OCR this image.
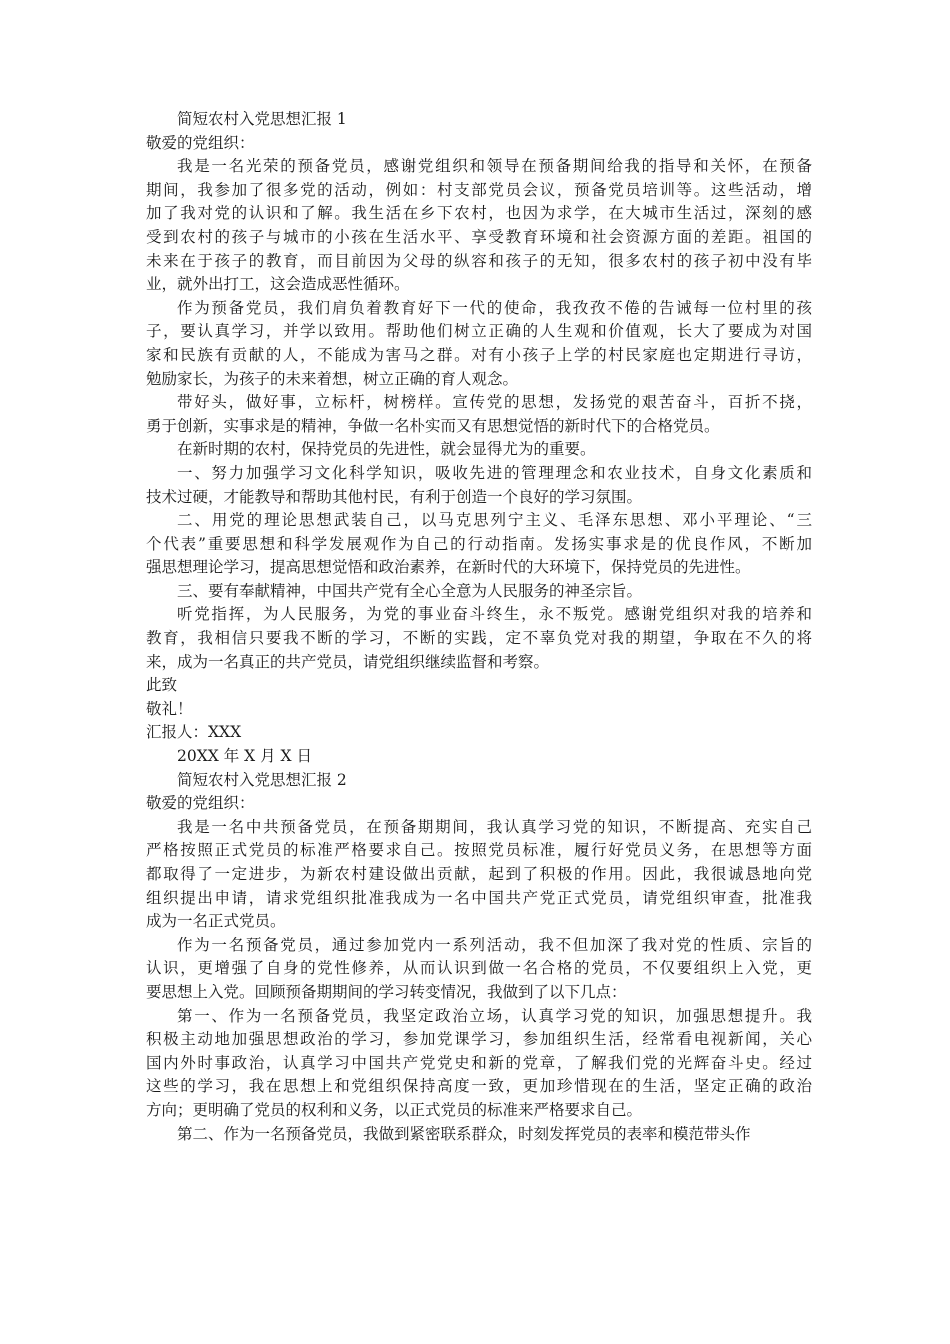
简短农村入党思想汇报 1
敬爱的党组织：

我是一名光荣的预备党员，感谢党组织和领导在预备期间给我的指导和关怀，在预备
期间，我参加了很多党的活动，例如：村支部党员会议，预备党员培训等。这些活动，增
加了我对党的认识和了解。我生活在乡下农村，也因为求学，在大城市生活过，深刻的感
受到农村的孩子与城市的小孩在生活水平、享受教育环境和社会资源方面的差距。祖国的
未来在于孩子的教育，而目前因为父母的纵容和孩子的无知，很多农村的孩子初中没有毕
业，就外出打工，这会造成恶性循环。

作为预备党员，我们肩负着教育好下一代的使命，我孜孜不倦的告诫每一位村里的孩
子，要认真学习，并学以致用。帮助他们树立正确的人生观和价值观，长大了要成为对国
家和民族有贡献的人，不能成为害马之群。对有小孩子上学的村民家庭也定期进行寻访，
勉励家长，为孩子的未来着想，树立正确的育人观念。

带好头，做好事，立标杆，树榜样。宣传党的思想，发扬党的艰苦奋斗，百折不挠，
勇于创新，实事求是的精神，争做一名朴实而又有思想觉悟的新时代下的合格党员。

在新时期的农村，保持党员的先进性，就会显得尤为的重要。

一、努力加强学习文化科学知识，吸收先进的管理理念和农业技术，自身文化素质和
技术过硬，才能教导和帮助其他村民，有利于创造一个良好的学习氛围。

二、用党的理论思想武装自己，以马克思列宁主义、毛泽东思想、邓小平理论、“三
个代表”重要思想和科学发展观作为自己的行动指南。发扬实事求是的优良作风，不断加
强思想理论学习，提高思想觉悟和政治素养，在新时代的大环境下，保持党员的先进性。

三、要有奉献精神，中国共产党有全心全意为人民服务的神圣宗旨。

听党指挥，为人民服务，为党的事业奋斗终生，永不叛党。感谢党组织对我的培养和
教育，我相信只要我不断的学习，不断的实践，定不辜负党对我的期望，争取在不久的将
来，成为一名真正的共产党员，请党组织继续监督和考察。

此致
敬礼！
汇报人：XXX
20XX 年 X 月 X 日
简短农村入党思想汇报 2
敬爱的党组织：

我是一名中共预备党员，在预备期期间，我认真学习党的知识，不断提高、充实自己
严格按照正式党员的标准严格要求自己。按照党员标准，履行好党员义务，在思想等方面
都取得了一定进步，为新农村建设做出贡献，起到了积极的作用。因此，我很诚恳地向党
组织提出申请，请求党组织批准我成为一名中国共产党正式党员，请党组织审查，批准我
成为一名正式党员。

作为一名预备党员，通过参加党内一系列活动，我不但加深了我对党的性质、宗旨的
认识，更增强了自身的党性修养，从而认识到做一名合格的党员，不仅要组织上入党，更
要思想上入党。回顾预备期期间的学习转变情况，我做到了以下几点：

第一、作为一名预备党员，我坚定政治立场，认真学习党的知识，加强思想提升。我
积极主动地加强思想政治的学习，参加党课学习，参加组织生活，经常看电视新闻，关心
国内外时事政治，认真学习中国共产党党史和新的党章，了解我们党的光辉奋斗史。经过
这些的学习，我在思想上和党组织保持高度一致，更加珍惜现在的生活，坚定正确的政治
方向；更明确了党员的权利和义务，以正式党员的标准来严格要求自己。

第二、作为一名预备党员，我做到紧密联系群众，时刻发挥党员的表率和模范带头作
